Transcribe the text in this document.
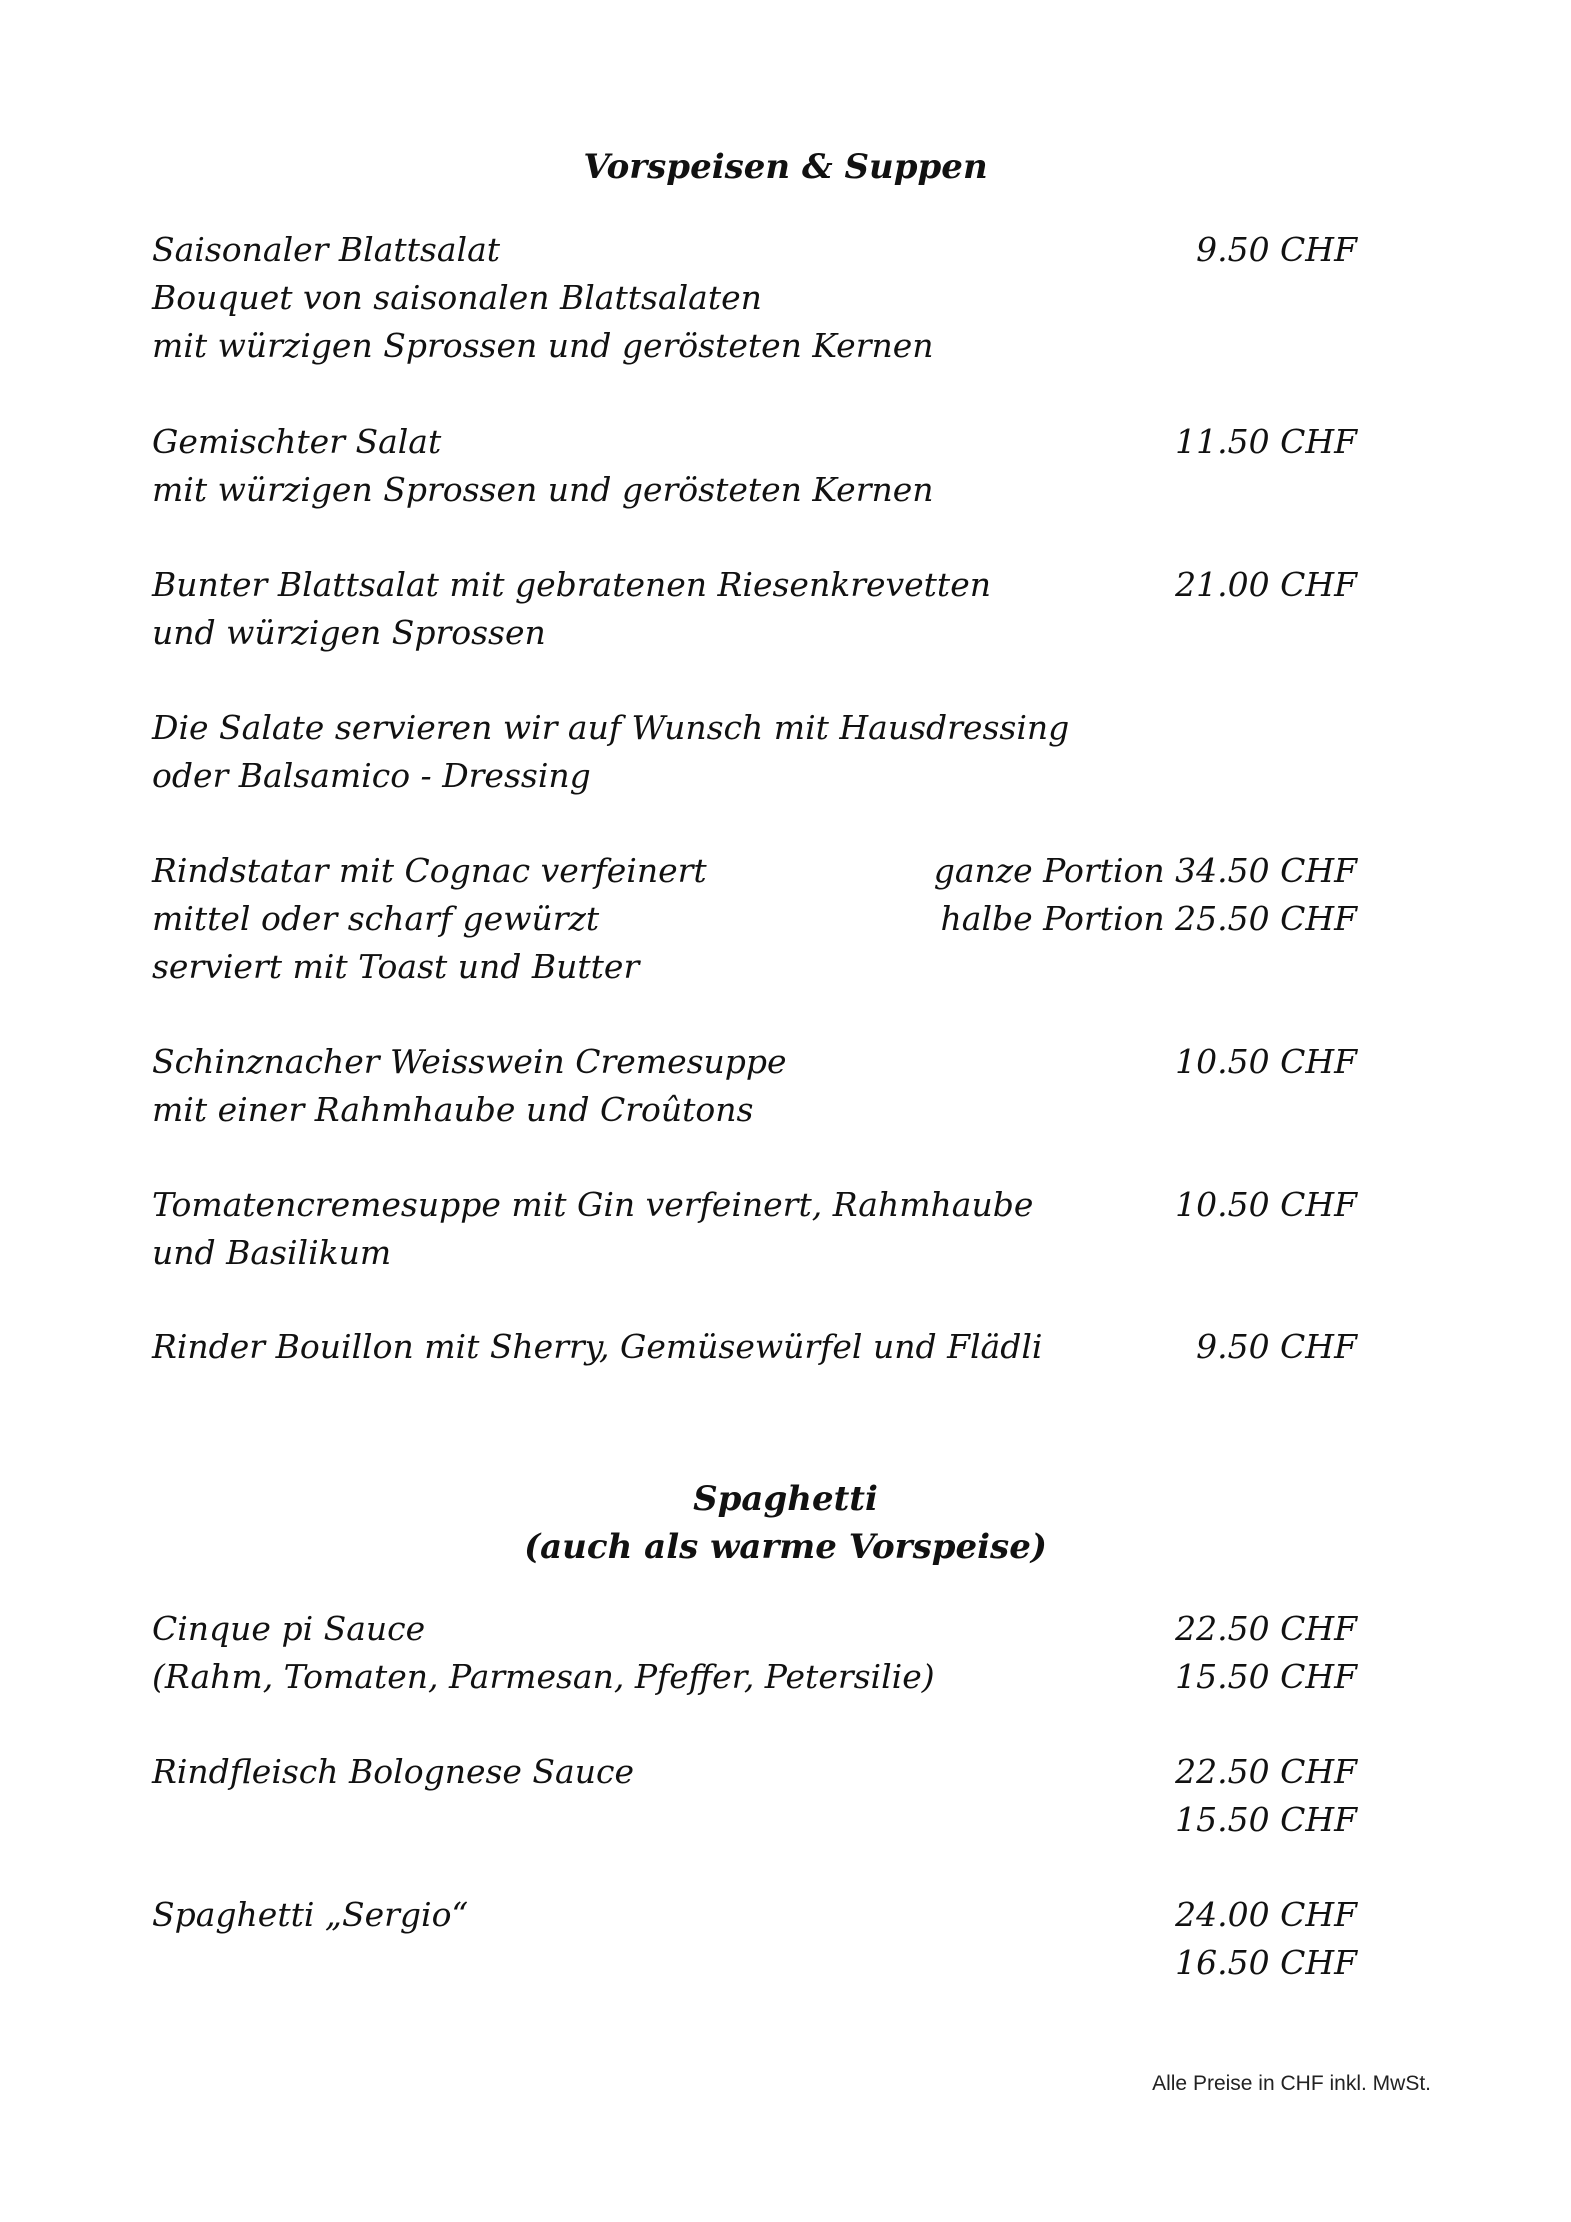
Vorspeisen & Suppen
Saisonaler Blattsalat	9.50 CHF
Bouquet von saisonalen Blattsalaten
mit würzigen Sprossen und gerösteten Kernen
Gemischter Salat	11.50 CHF
mit würzigen Sprossen und gerösteten Kernen
Bunter Blattsalat mit gebratenen Riesenkrevetten	21.00 CHF
und würzigen Sprossen
Die Salate servieren wir auf Wunsch mit Hausdressing
oder Balsamico - Dressing
Rindstatar mit Cognac verfeinert	ganze Portion 34.50 CHF
mittel oder scharf gewürzt	halbe Portion 25.50 CHF
serviert mit Toast und Butter
Schinznacher Weisswein Cremesuppe	10.50 CHF
mit einer Rahmhaube und Croûtons
Tomatencremesuppe mit Gin verfeinert, Rahmhaube	10.50 CHF
und Basilikum
Rinder Bouillon mit Sherry, Gemüsewürfel und Flädli	9.50 CHF
Spaghetti
(auch als warme Vorspeise)
Cinque pi Sauce	22.50 CHF
(Rahm, Tomaten, Parmesan, Pfeffer, Petersilie)	15.50 CHF
Rindfleisch Bolognese Sauce	22.50 CHF
15.50 CHF
Spaghetti „Sergio“	24.00 CHF
16.50 CHF
Alle Preise in CHF inkl. MwSt.
